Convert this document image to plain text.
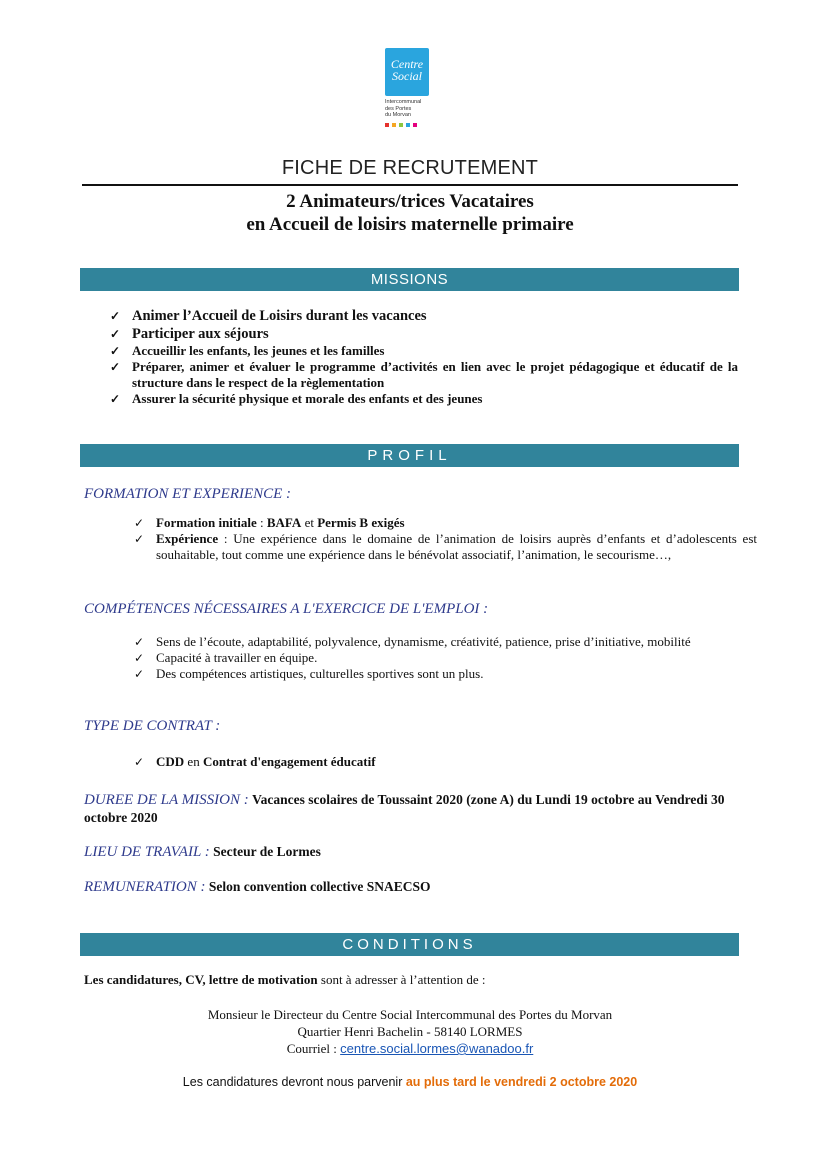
Centre
Social
Intercommunal
des Portes
du Morvan
FICHE DE RECRUTEMENT
2 Animateurs/trices Vacataires
en Accueil de loisirs maternelle primaire
MISSIONS
✓ Animer l’Accueil de Loisirs durant les vacances
✓ Participer aux séjours
✓ Accueillir les enfants, les jeunes et les familles
✓ Préparer, animer et évaluer le programme d’activités en lien avec le projet pédagogique et éducatif de la structure dans le respect de la règlementation
✓ Assurer la sécurité physique et morale des enfants et des jeunes
PROFIL
FORMATION ET EXPERIENCE :
✓ Formation initiale : BAFA et Permis B exigés
✓ Expérience : Une expérience dans le domaine de l’animation de loisirs auprès d’enfants et d’adolescents est souhaitable, tout comme une expérience dans le bénévolat associatif, l’animation, le secourisme…,
COMPÉTENCES NÉCESSAIRES A L'EXERCICE DE L'EMPLOI :
✓ Sens de l’écoute, adaptabilité, polyvalence, dynamisme, créativité, patience, prise d’initiative, mobilité
✓ Capacité à travailler en équipe.
✓ Des compétences artistiques, culturelles sportives sont un plus.
TYPE DE CONTRAT :
✓ CDD en Contrat d'engagement éducatif
DUREE DE LA MISSION : Vacances scolaires de Toussaint 2020 (zone A) du Lundi 19 octobre au Vendredi 30 octobre 2020
LIEU DE TRAVAIL : Secteur de Lormes
REMUNERATION : Selon convention collective SNAECSO
CONDITIONS
Les candidatures, CV, lettre de motivation sont à adresser à l’attention de :
Monsieur le Directeur du Centre Social Intercommunal des Portes du Morvan
Quartier Henri Bachelin - 58140 LORMES
Courriel : centre.social.lormes@wanadoo.fr
Les candidatures devront nous parvenir au plus tard le vendredi 2 octobre 2020
